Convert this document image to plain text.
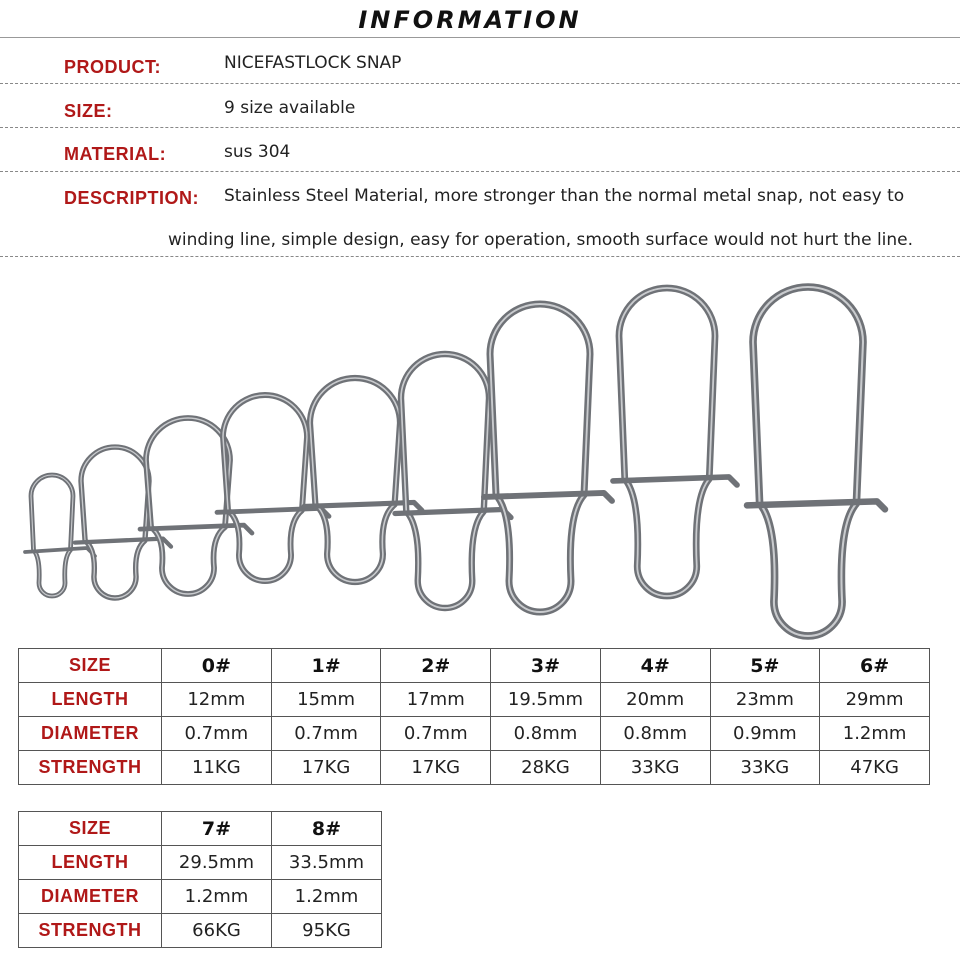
INFORMATION
PRODUCT:	NICEFASTLOCK SNAP
SIZE:	9 size available
MATERIAL:	sus 304
DESCRIPTION: Stainless Steel Material, more stronger than the normal metal snap, not easy to
winding line, simple design, easy for operation, smooth surface would not hurt the line.
SIZE	0#	1#	2#	3#	4#	5#	6#
LENGTH	12mm	15mm	17mm	19.5mm	20mm	23mm	29mm
DIAMETER	0.7mm	0.7mm	0.7mm	0.8mm	0.8mm	0.9mm	1.2mm
STRENGTH	11KG	17KG	17KG	28KG	33KG	33KG	47KG
SIZE	7#	8#
LENGTH	29.5mm	33.5mm
DIAMETER	1.2mm	1.2mm
STRENGTH	66KG	95KG
